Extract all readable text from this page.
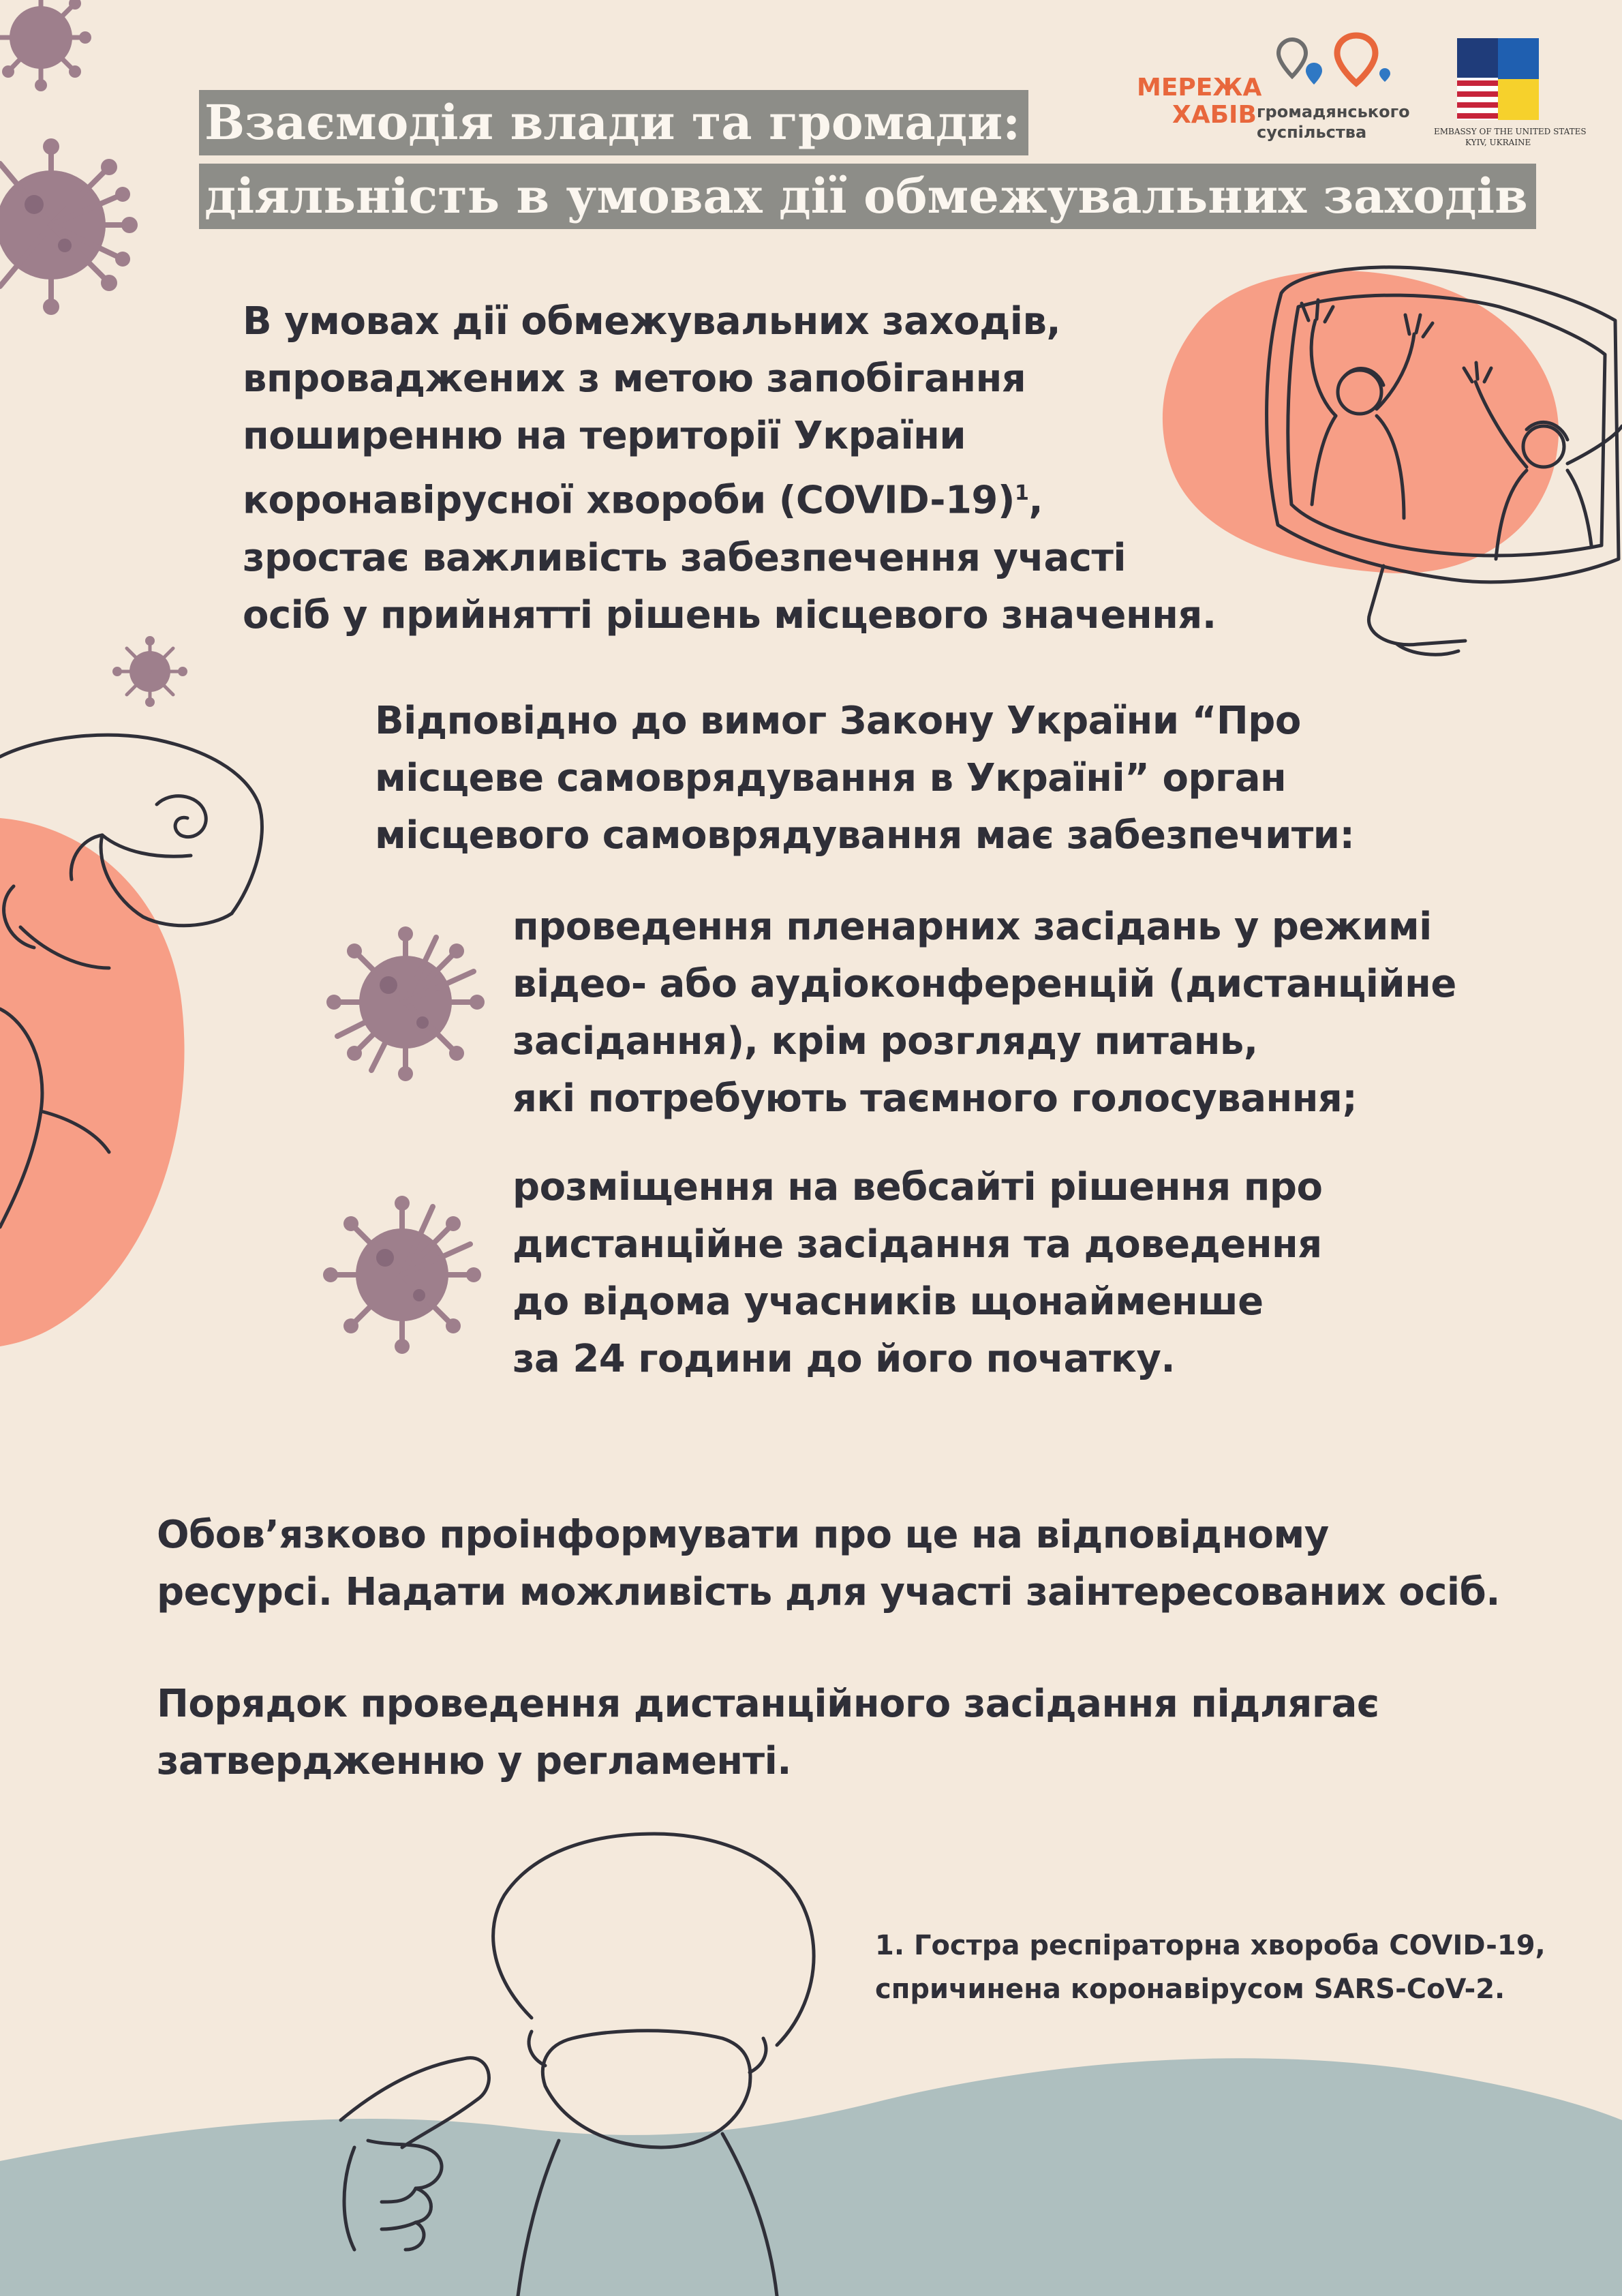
Взаємодія влади та громади:
діяльність в умовах дії обмежувальних заходів
МЕРЕЖА
ХАБІВ громадянського
суспільства	EMBASSY OF THE UNITED STATES
KYIV, UKRAINE
В умовах дії обмежувальних заходів,
впроваджених з метою запобігання
поширенню на території України
коронавірусної хвороби (COVID-19)$^1$,
зростає важливість забезпечення участі
осіб у прийнятті рішень місцевого значення.
Відповідно до вимог Закону України “Про
місцеве самоврядування в Україні” орган
місцевого самоврядування має забезпечити:
проведення пленарних засідань у режимі
відео- або аудіоконференцій (дистанційне
засідання), крім розгляду питань,
які потребують таємного голосування;
розміщення на вебсайті рішення про
дистанційне засідання та доведення
до відома учасників щонайменше
за 24 години до його початку.
Обов’язково проінформувати про це на відповідному
ресурсі. Надати можливість для участі заінтересованих осіб.
Порядок проведення дистанційного засідання підлягає
затвердженню у регламенті.
1. Гостра респіраторна хвороба COVID-19,
спричинена коронавірусом SARS-CoV-2.
